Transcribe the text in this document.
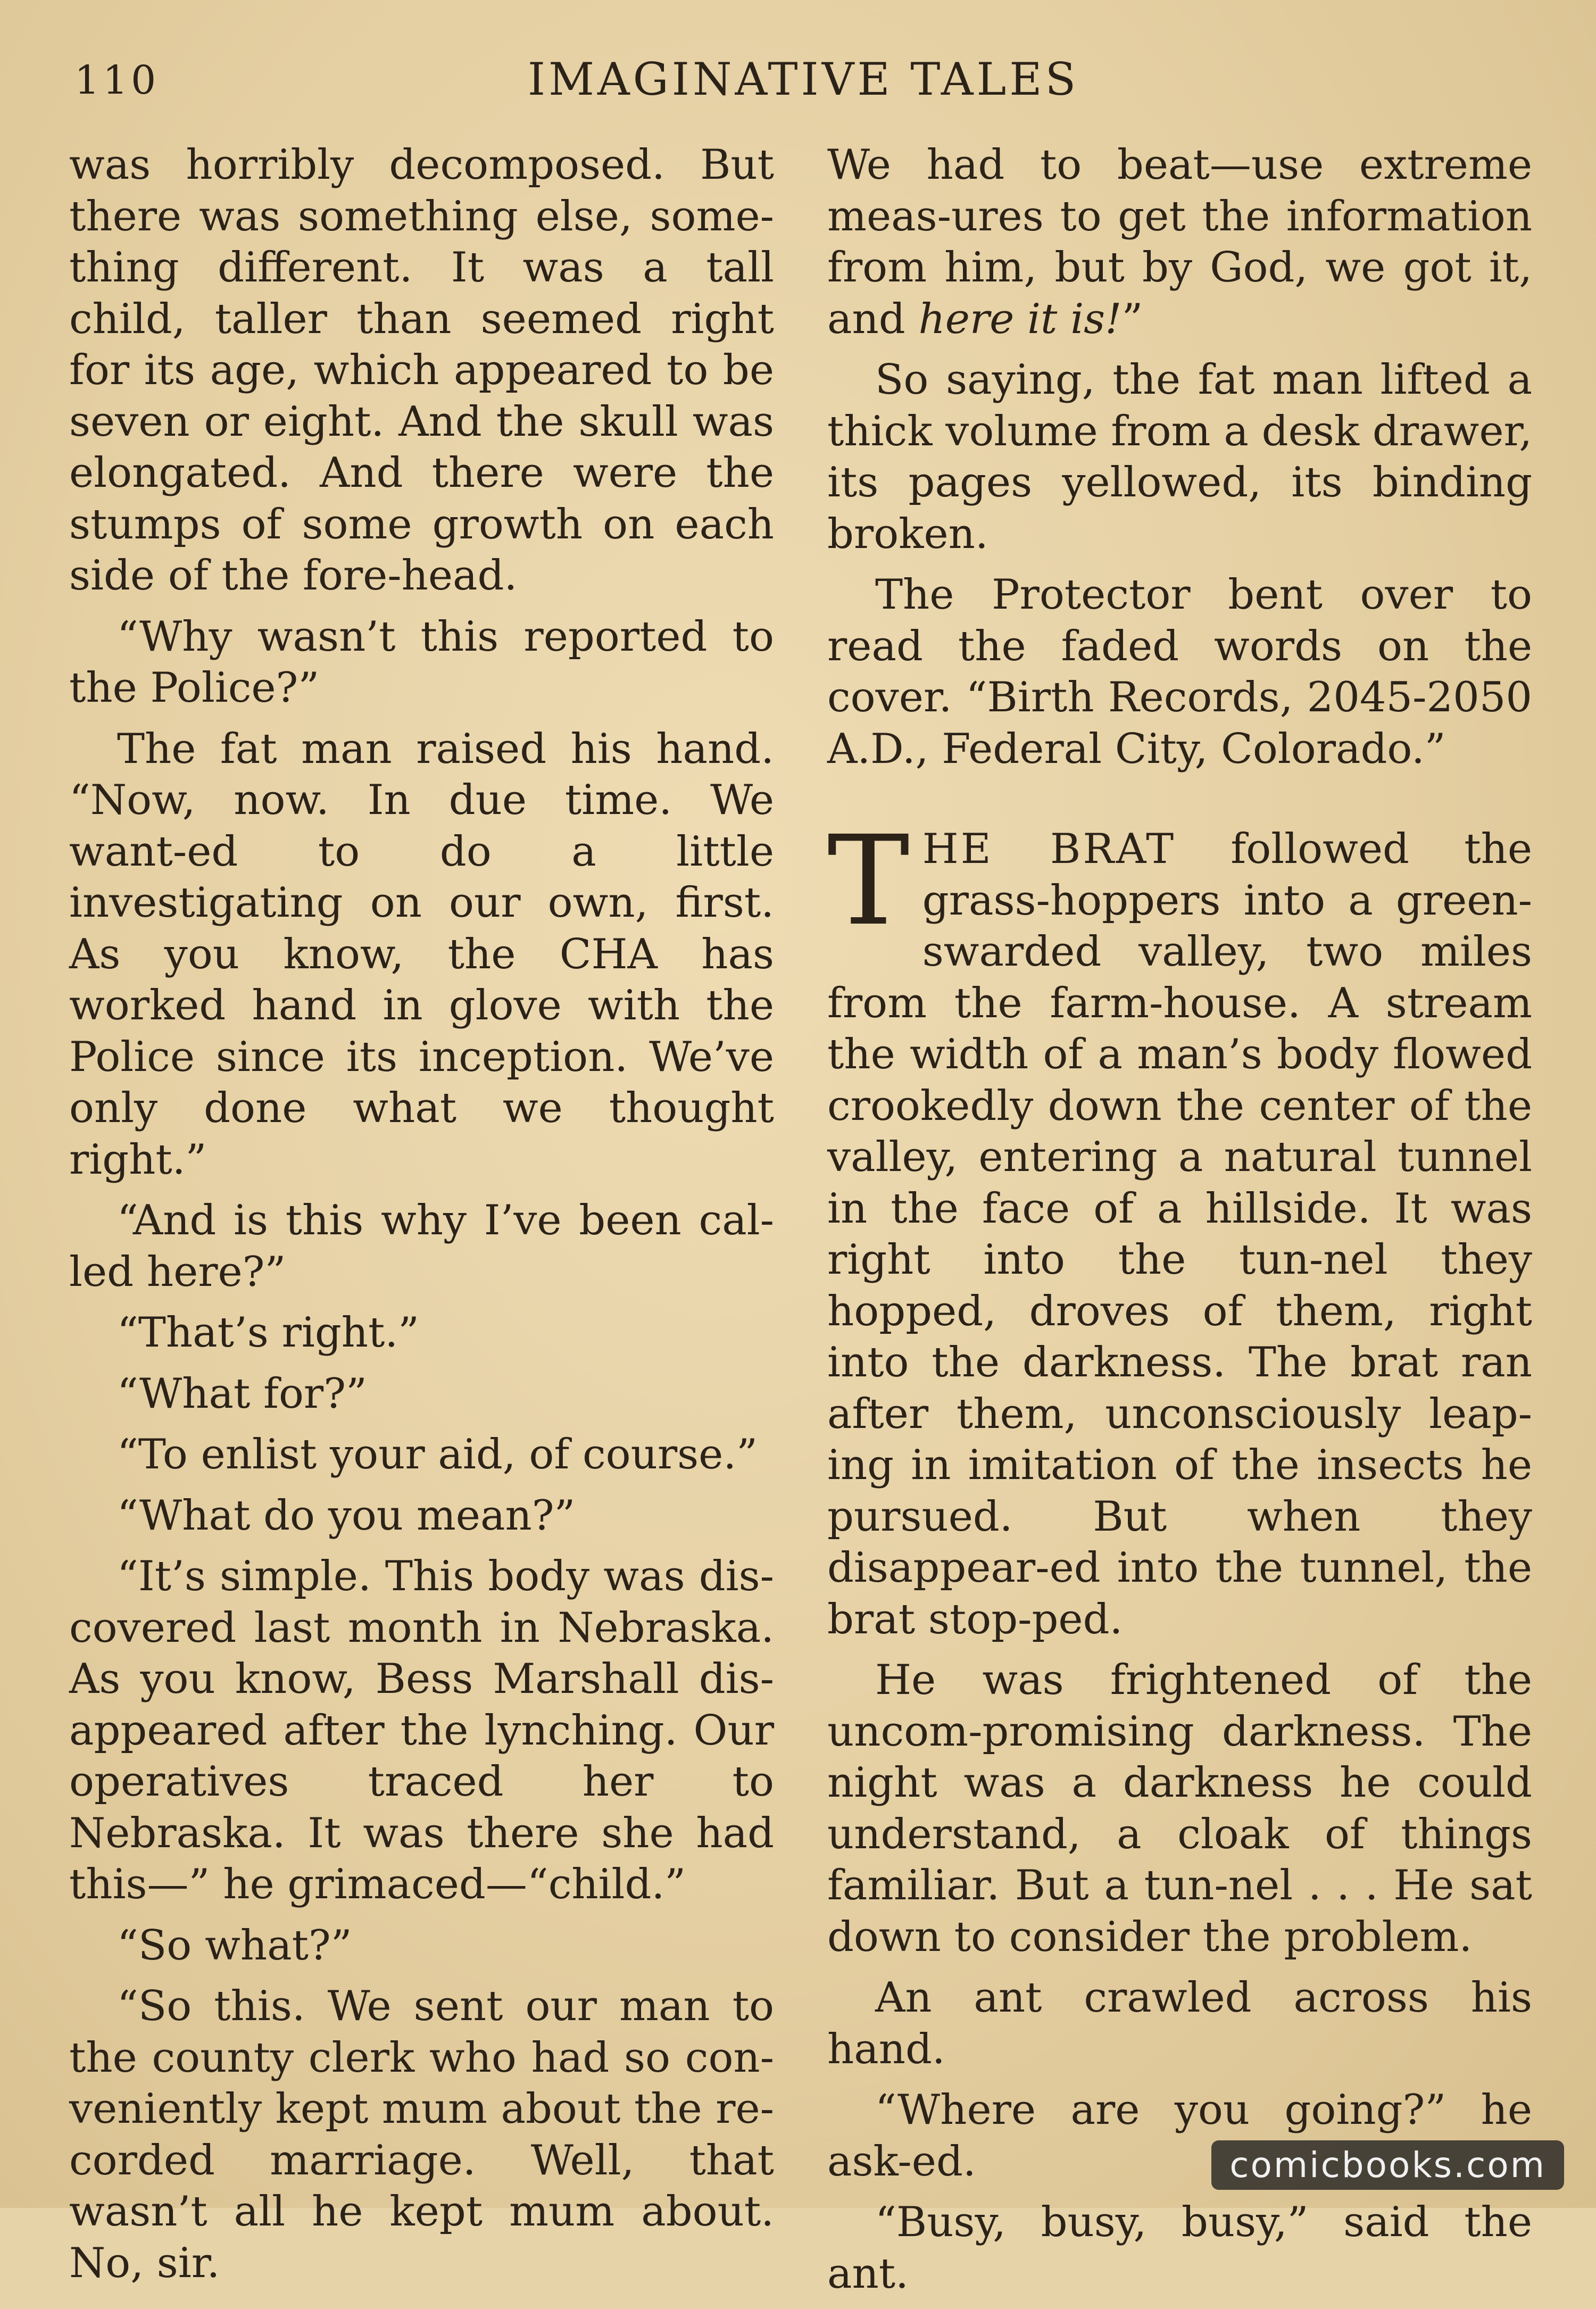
110	IMAGINATIVE TALES

was horribly decomposed. But there was something else, some-thing different. It was a tall child, taller than seemed right for its age, which appeared to be seven or eight. And the skull was elongated. And there were the stumps of some growth on each side of the fore-head.

“Why wasn’t this reported to the Police?”

The fat man raised his hand. “Now, now. In due time. We want-ed to do a little investigating on our own, first. As you know, the CHA has worked hand in glove with the Police since its inception. We’ve only done what we thought right.”

“And is this why I’ve been cal-led here?”

“That’s right.”

“What for?”

“To enlist your aid, of course.”

“What do you mean?”

“It’s simple. This body was dis-covered last month in Nebraska. As you know, Bess Marshall dis-appeared after the lynching. Our operatives traced her to Nebraska. It was there she had this—” he grimaced—“child.”

“So what?”

“So this. We sent our man to the county clerk who had so con-veniently kept mum about the re-corded marriage. Well, that wasn’t all he kept mum about. No, sir.

We had to beat—use extreme meas-ures to get the information from him, but by God, we got it, and here it is!”

So saying, the fat man lifted a thick volume from a desk drawer, its pages yellowed, its binding broken.

The Protector bent over to read the faded words on the cover. “Birth Records, 2045-2050 A.D., Federal City, Colorado.”

THE BRAT followed the grass-hoppers into a green-swarded valley, two miles from the farm-house. A stream the width of a man’s body flowed crookedly down the center of the valley, entering a natural tunnel in the face of a hillside. It was right into the tun-nel they hopped, droves of them, right into the darkness. The brat ran after them, unconsciously leap-ing in imitation of the insects he pursued. But when they disappear-ed into the tunnel, the brat stop-ped.

He was frightened of the uncom-promising darkness. The night was a darkness he could understand, a cloak of things familiar. But a tun-nel . . . He sat down to consider the problem.

An ant crawled across his hand.

“Where are you going?” he ask-ed.

“Busy, busy, busy,” said the ant.

comicbooks.com
